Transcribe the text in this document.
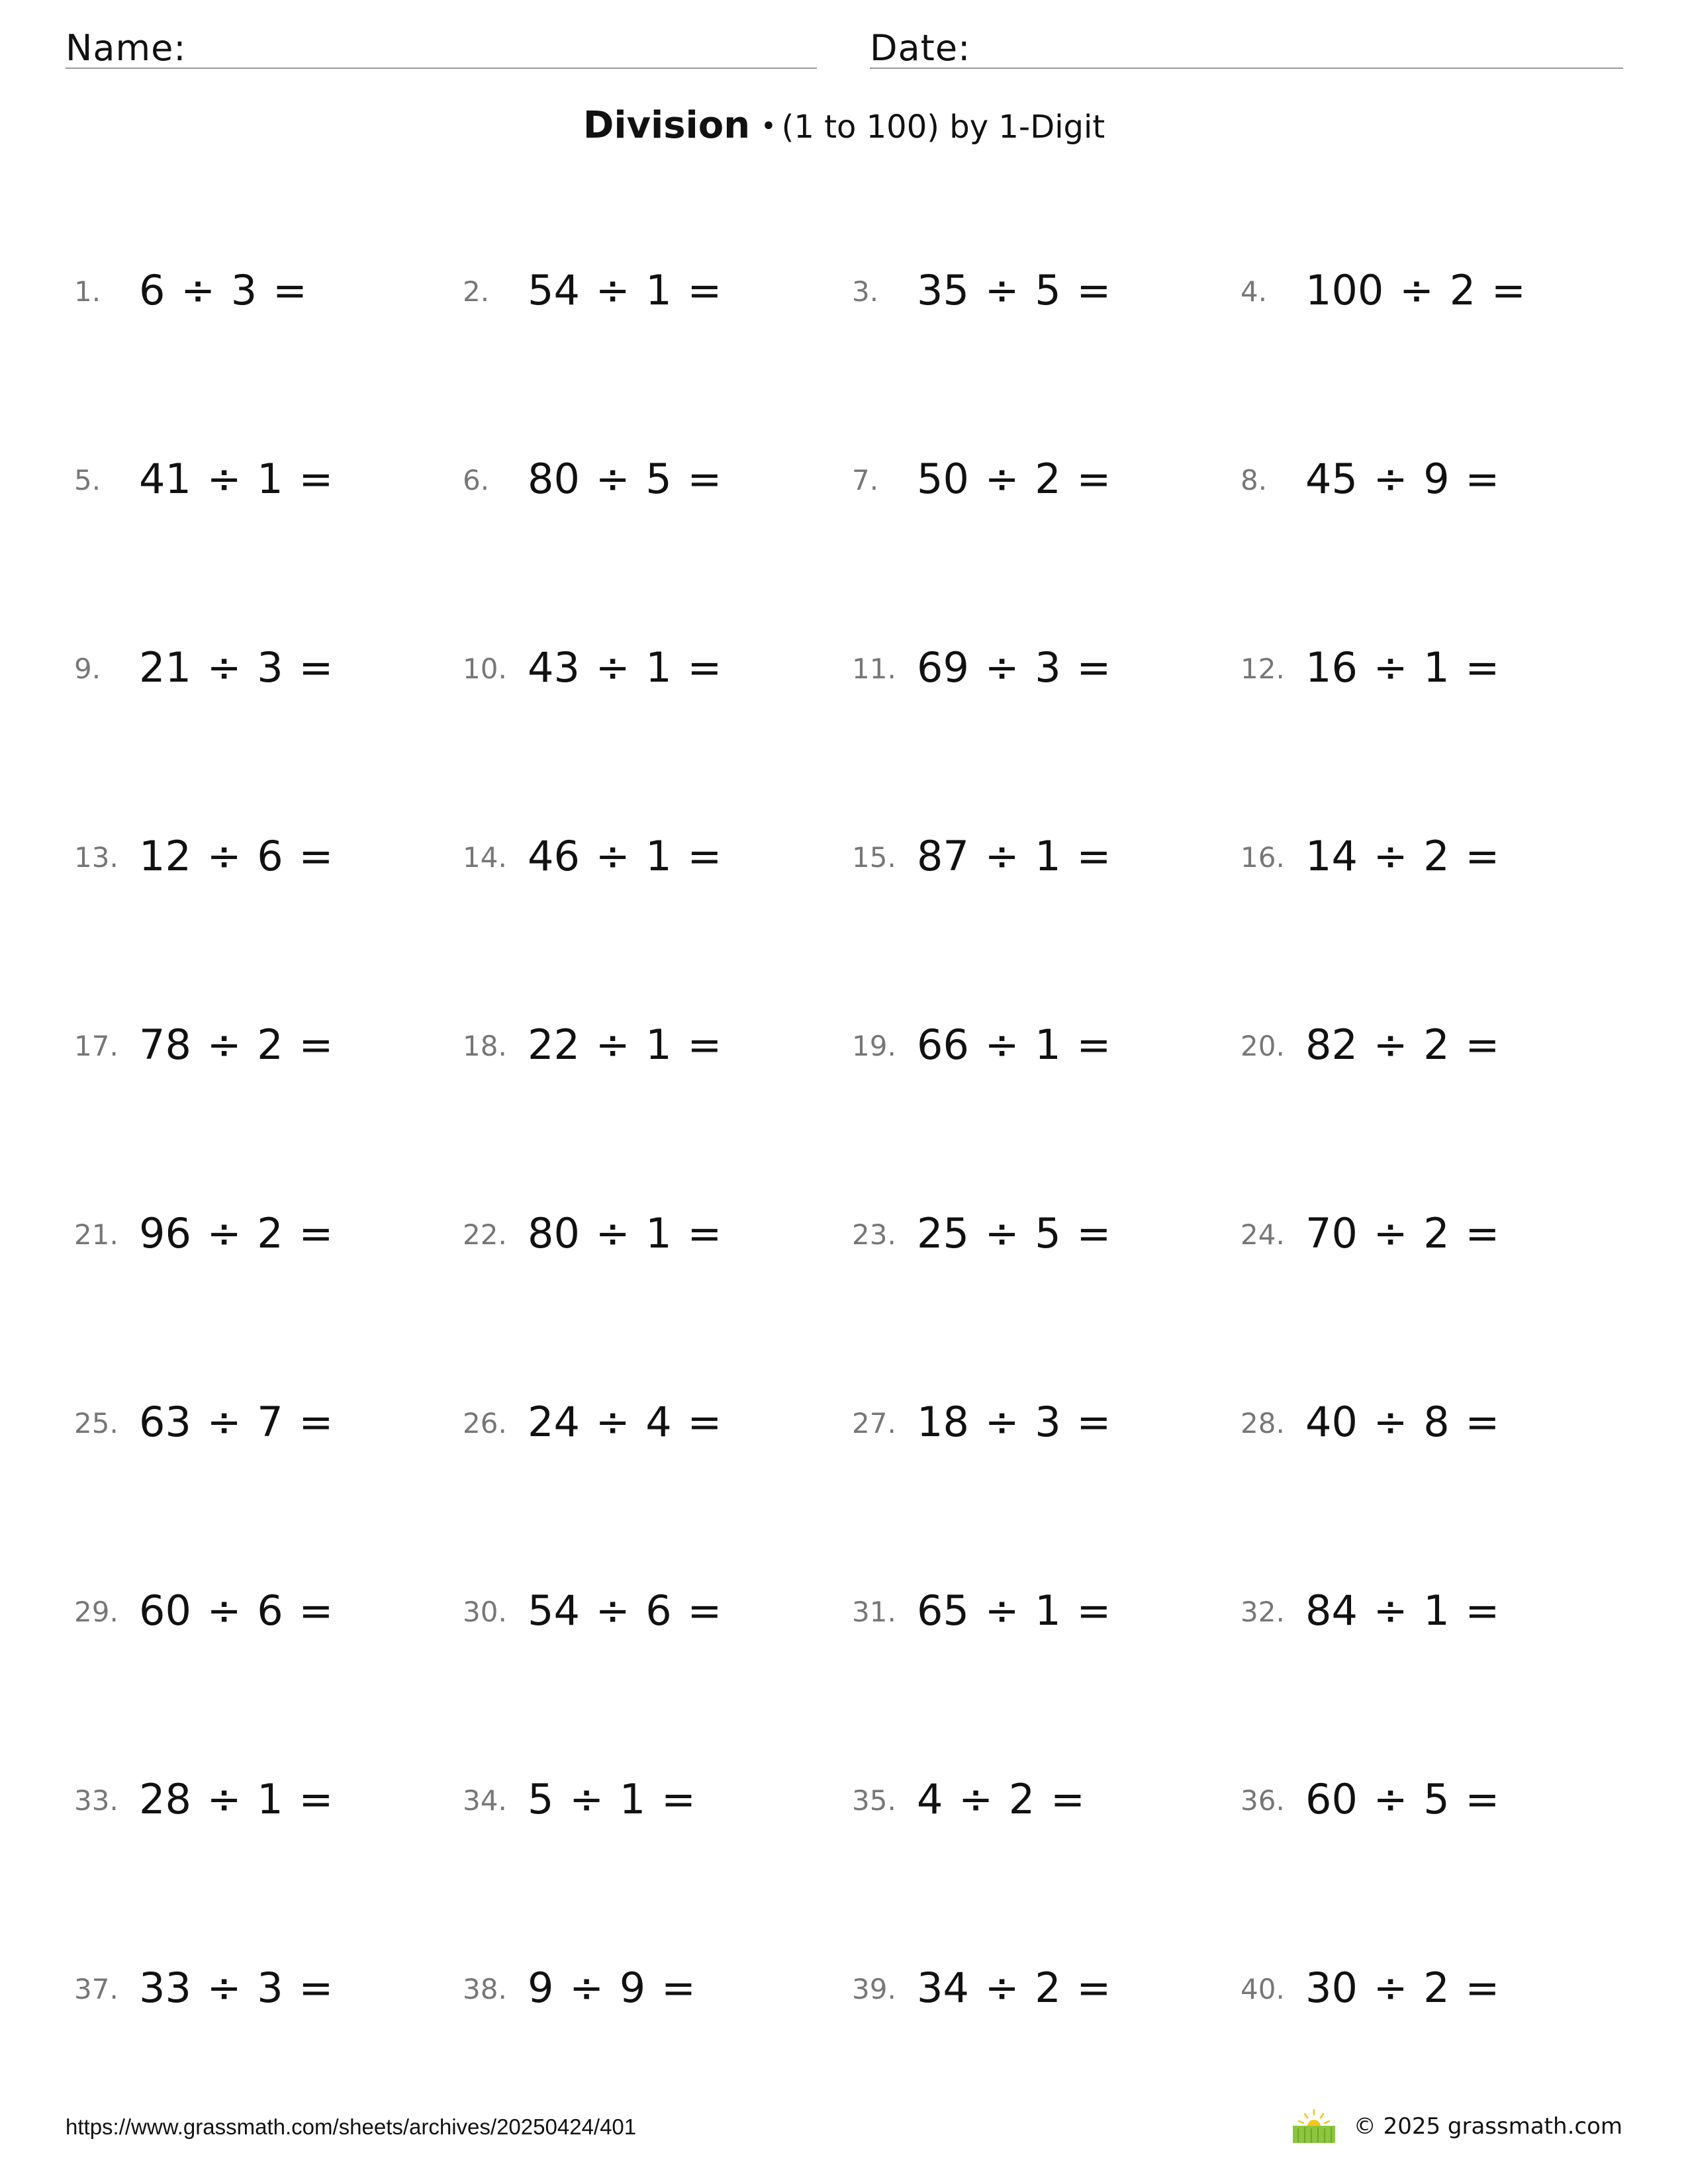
Name:	Date:
Division • (1 to 100) by 1-Digit
1. 6 ÷ 3 =	2. 54 ÷ 1 =	3. 35 ÷ 5 =	4. 100 ÷ 2 =
5. 41 ÷ 1 =	6. 80 ÷ 5 =	7. 50 ÷ 2 =	8. 45 ÷ 9 =
9. 21 ÷ 3 =	10. 43 ÷ 1 =	11. 69 ÷ 3 =	12. 16 ÷ 1 =
13. 12 ÷ 6 =	14. 46 ÷ 1 =	15. 87 ÷ 1 =	16. 14 ÷ 2 =
17. 78 ÷ 2 =	18. 22 ÷ 1 =	19. 66 ÷ 1 =	20. 82 ÷ 2 =
21. 96 ÷ 2 =	22. 80 ÷ 1 =	23. 25 ÷ 5 =	24. 70 ÷ 2 =
25. 63 ÷ 7 =	26. 24 ÷ 4 =	27. 18 ÷ 3 =	28. 40 ÷ 8 =
29. 60 ÷ 6 =	30. 54 ÷ 6 =	31. 65 ÷ 1 =	32. 84 ÷ 1 =
33. 28 ÷ 1 =	34. 5 ÷ 1 =	35. 4 ÷ 2 =	36. 60 ÷ 5 =
37. 33 ÷ 3 =	38. 9 ÷ 9 =	39. 34 ÷ 2 =	40. 30 ÷ 2 =
https://www.grassmath.com/sheets/archives/20250424/401	© 2025 grassmath.com
